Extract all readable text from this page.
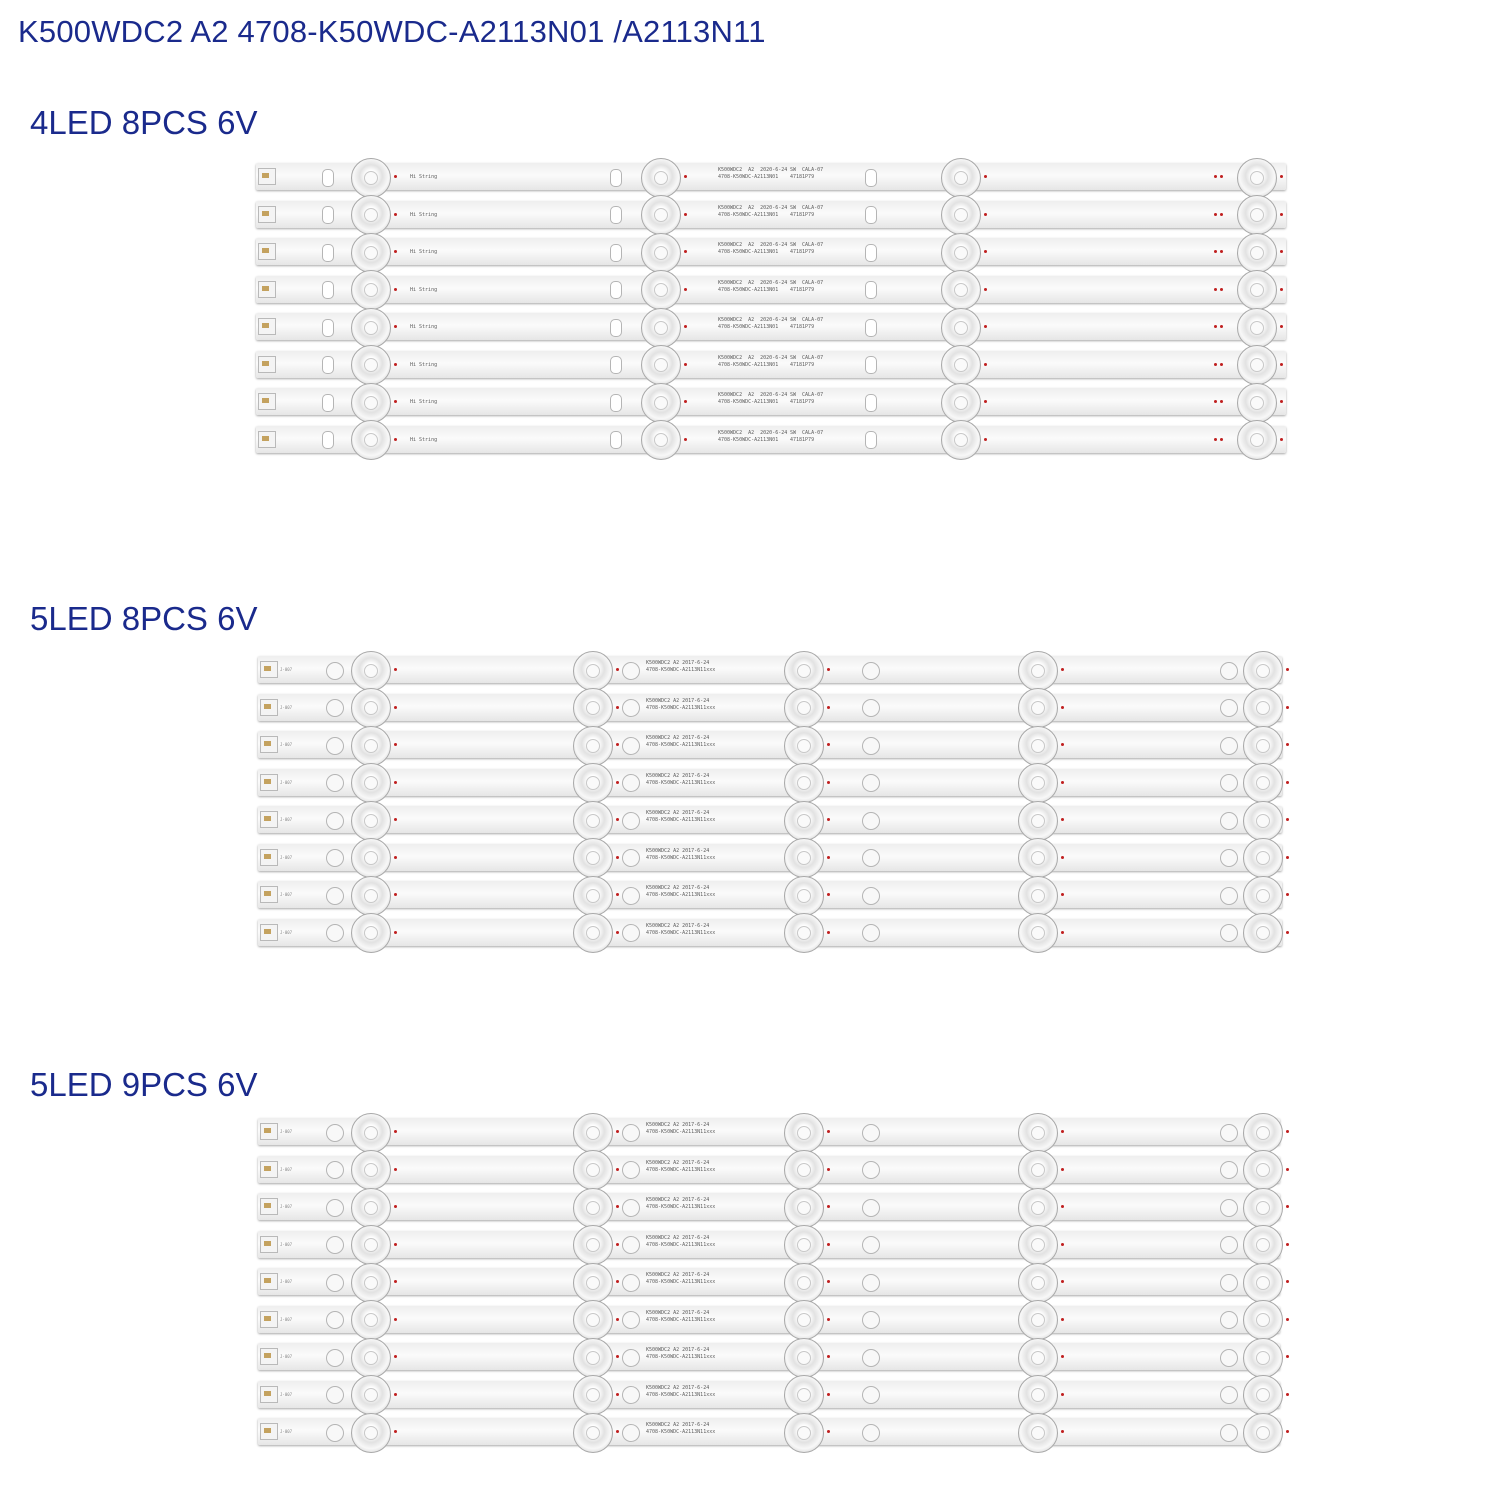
K500WDC2 A2 4708-K50WDC-A2113N01 /A2113N11
4LED 8PCS 6V
5LED 8PCS 6V
5LED 9PCS 6V
K500WDC2  A2  2020-6-24
4708-K50WDC-A2113N01
SW  CALA-07
47181P79
Hi String
K500WDC2  A2  2020-6-24
4708-K50WDC-A2113N01
SW  CALA-07
47181P79
Hi String
K500WDC2  A2  2020-6-24
4708-K50WDC-A2113N01
SW  CALA-07
47181P79
Hi String
K500WDC2  A2  2020-6-24
4708-K50WDC-A2113N01
SW  CALA-07
47181P79
Hi String
K500WDC2  A2  2020-6-24
4708-K50WDC-A2113N01
SW  CALA-07
47181P79
Hi String
K500WDC2  A2  2020-6-24
4708-K50WDC-A2113N01
SW  CALA-07
47181P79
Hi String
K500WDC2  A2  2020-6-24
4708-K50WDC-A2113N01
SW  CALA-07
47181P79
Hi String
K500WDC2  A2  2020-6-24
4708-K50WDC-A2113N01
SW  CALA-07
47181P79
Hi String
J-007
K500WDC2 A2 2017-6-24
4708-K50WDC-A2113N11xxx
J-007
K500WDC2 A2 2017-6-24
4708-K50WDC-A2113N11xxx
J-007
K500WDC2 A2 2017-6-24
4708-K50WDC-A2113N11xxx
J-007
K500WDC2 A2 2017-6-24
4708-K50WDC-A2113N11xxx
J-007
K500WDC2 A2 2017-6-24
4708-K50WDC-A2113N11xxx
J-007
K500WDC2 A2 2017-6-24
4708-K50WDC-A2113N11xxx
J-007
K500WDC2 A2 2017-6-24
4708-K50WDC-A2113N11xxx
J-007
K500WDC2 A2 2017-6-24
4708-K50WDC-A2113N11xxx
J-007
K500WDC2 A2 2017-6-24
4708-K50WDC-A2113N11xxx
J-007
K500WDC2 A2 2017-6-24
4708-K50WDC-A2113N11xxx
J-007
K500WDC2 A2 2017-6-24
4708-K50WDC-A2113N11xxx
J-007
K500WDC2 A2 2017-6-24
4708-K50WDC-A2113N11xxx
J-007
K500WDC2 A2 2017-6-24
4708-K50WDC-A2113N11xxx
J-007
K500WDC2 A2 2017-6-24
4708-K50WDC-A2113N11xxx
J-007
K500WDC2 A2 2017-6-24
4708-K50WDC-A2113N11xxx
J-007
K500WDC2 A2 2017-6-24
4708-K50WDC-A2113N11xxx
J-007
K500WDC2 A2 2017-6-24
4708-K50WDC-A2113N11xxx
